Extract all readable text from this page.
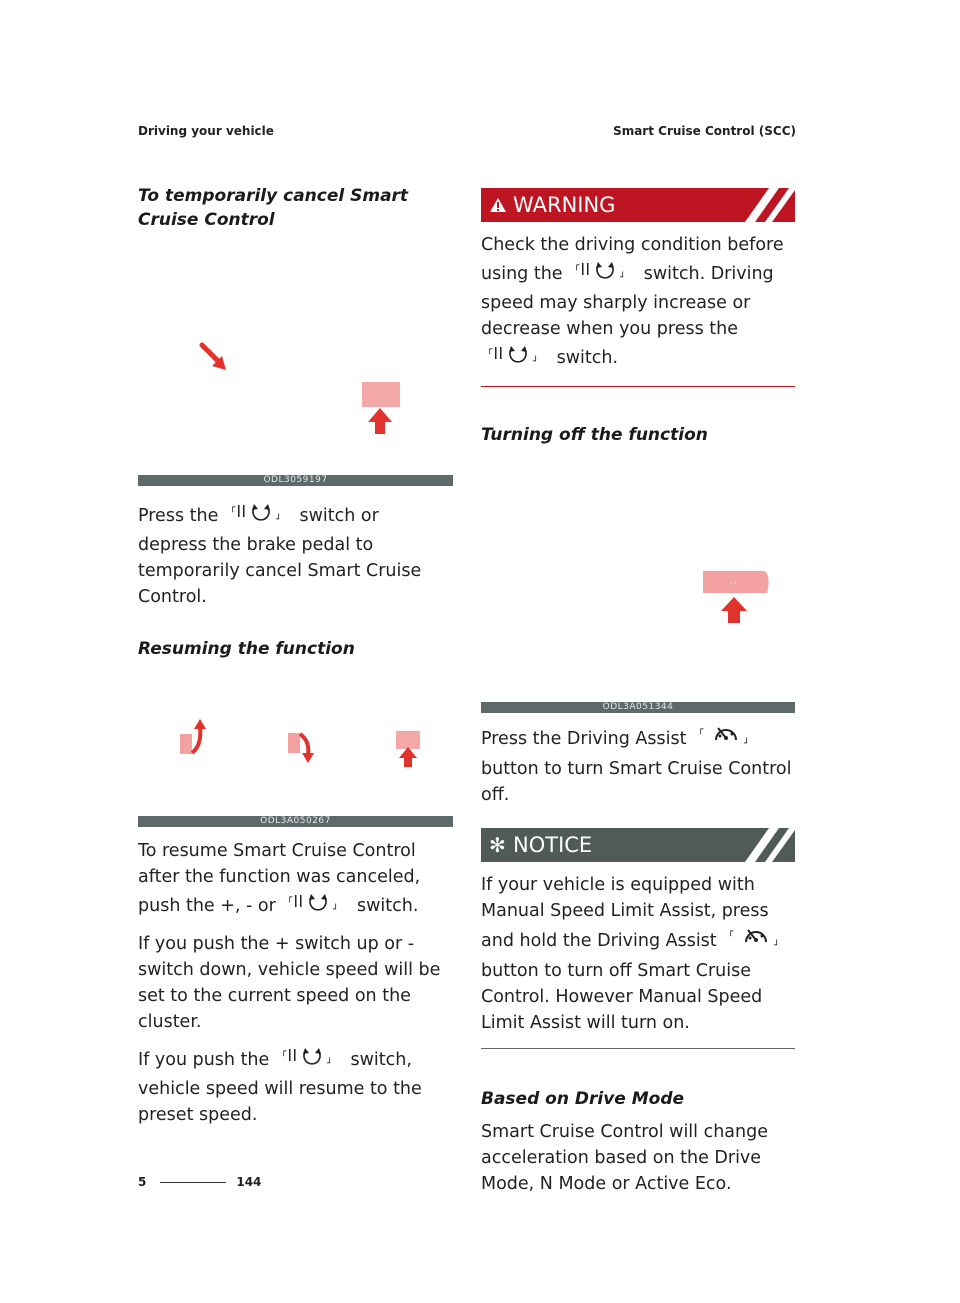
Driving your vehicle	Smart Cruise Control (SCC)
To temporarily cancel Smart Cruise Control
ODL3059197

Press the ┌
┘ switch or depress the brake pedal to temporarily cancel Smart Cruise Control.

Resuming the function
ODL3A050267

To resume Smart Cruise Control after the function was canceled, push the +, - or ┌
┘ switch.

If you push the + switch up or - switch down, vehicle speed will be set to the current speed on the cluster.

If you push the ┌
┘ switch, vehicle speed will resume to the preset speed.

WARNING

Check the driving condition before using the ┌
┘ switch. Driving speed may sharply increase or decrease when you press the
┌
┘ switch.

Turning off the function
◦◦
ODL3A051344

Press the Driving Assist ┌
┘
button to turn Smart Cruise Control off.

✻ NOTICE

If your vehicle is equipped with Manual Speed Limit Assist, press and hold the Driving Assist ┌
┘
button to turn off Smart Cruise Control. However Manual Speed Limit Assist will turn on.

Based on Drive Mode

Smart Cruise Control will change acceleration based on the Drive Mode, N Mode or Active Eco.

5	144
